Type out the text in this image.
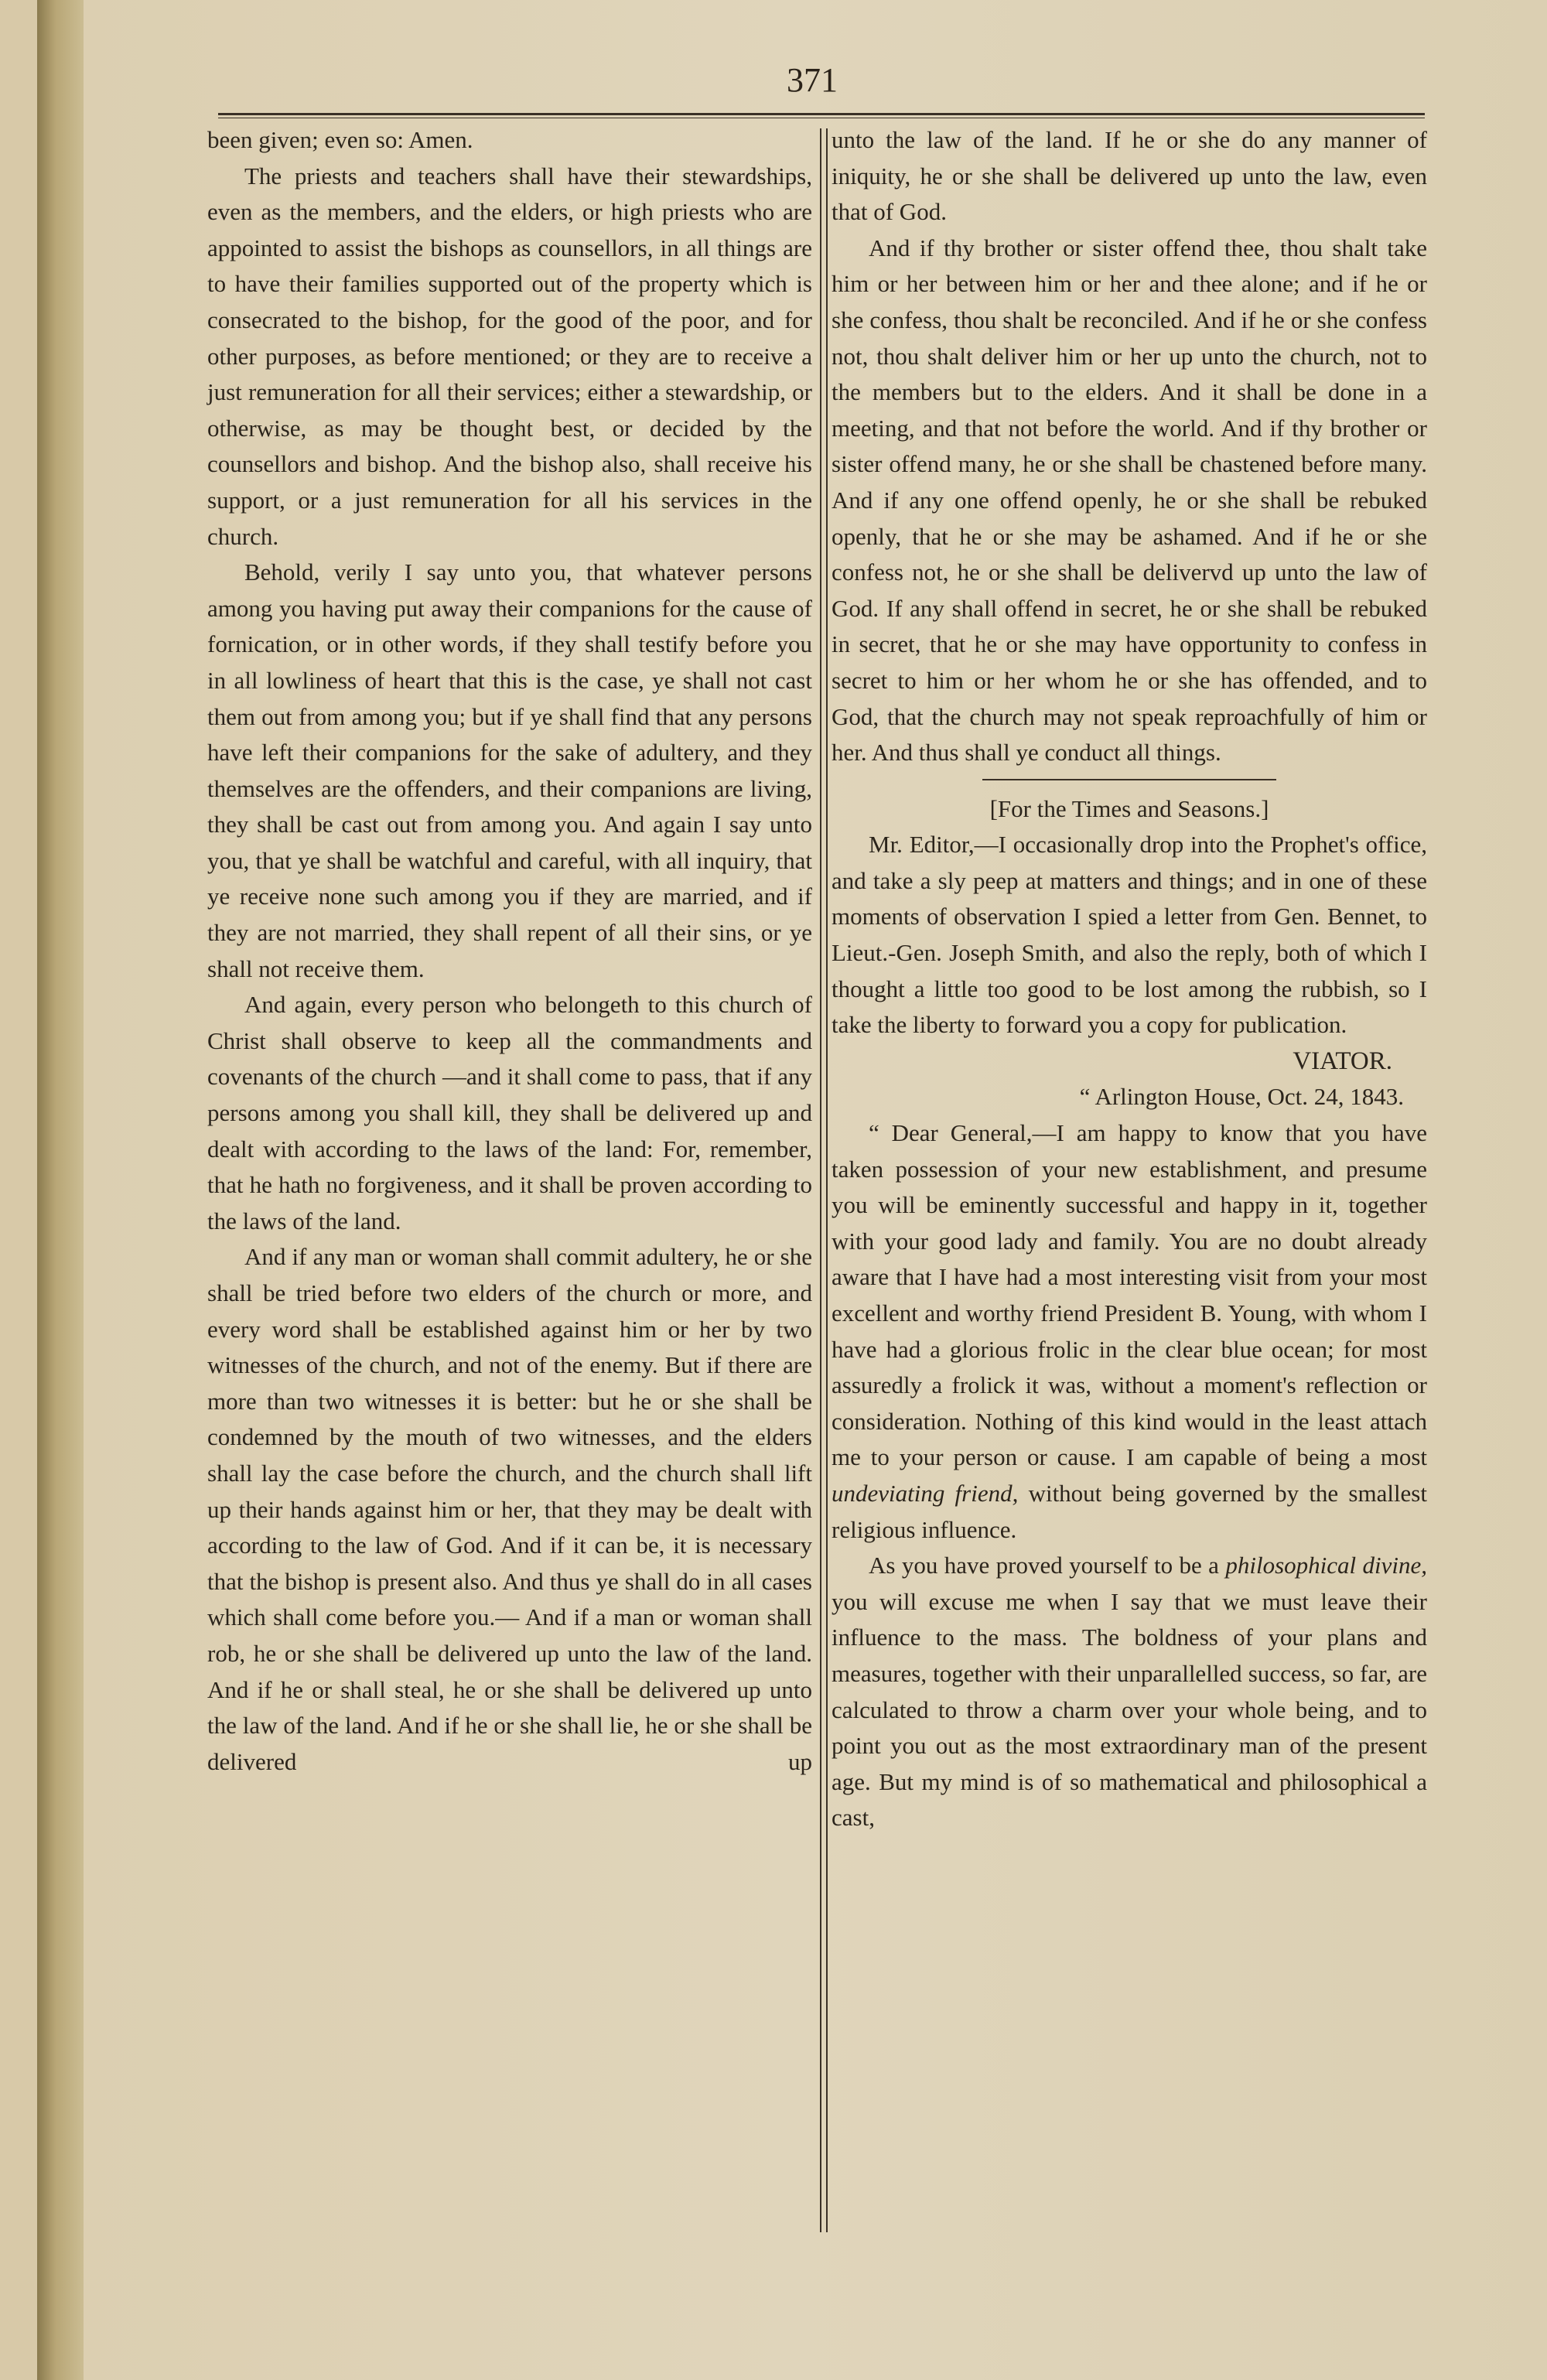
371

been given; even so: Amen.

The priests and teachers shall have their stewardships, even as the members, and the elders, or high priests who are appointed to assist the bishops as counsellors, in all things are to have their families supported out of the property which is consecrated to the bishop, for the good of the poor, and for other purposes, as before mentioned; or they are to receive a just remuneration for all their services; either a stewardship, or otherwise, as may be thought best, or decided by the counsellors and bishop. And the bishop also, shall receive his support, or a just remuneration for all his services in the church.

Behold, verily I say unto you, that whatever persons among you having put away their companions for the cause of fornication, or in other words, if they shall testify before you in all lowliness of heart that this is the case, ye shall not cast them out from among you; but if ye shall find that any persons have left their companions for the sake of adultery, and they themselves are the offenders, and their companions are living, they shall be cast out from among you. And again I say unto you, that ye shall be watchful and careful, with all inquiry, that ye receive none such among you if they are married, and if they are not married, they shall repent of all their sins, or ye shall not receive them.

And again, every person who belongeth to this church of Christ shall observe to keep all the commandments and covenants of the church —and it shall come to pass, that if any persons among you shall kill, they shall be delivered up and dealt with according to the laws of the land: For, remember, that he hath no forgiveness, and it shall be proven according to the laws of the land.

And if any man or woman shall commit adultery, he or she shall be tried before two elders of the church or more, and every word shall be established against him or her by two witnesses of the church, and not of the enemy. But if there are more than two witnesses it is better: but he or she shall be condemned by the mouth of two witnesses, and the elders shall lay the case before the church, and the church shall lift up their hands against him or her, that they may be dealt with according to the law of God. And if it can be, it is necessary that the bishop is present also. And thus ye shall do in all cases which shall come before you.— And if a man or woman shall rob, he or she shall be delivered up unto the law of the land. And if he or shall steal, he or she shall be delivered up unto the law of the land. And if he or she shall lie, he or she shall be delivered up

unto the law of the land. If he or she do any manner of iniquity, he or she shall be delivered up unto the law, even that of God.

And if thy brother or sister offend thee, thou shalt take him or her between him or her and thee alone; and if he or she confess, thou shalt be reconciled. And if he or she confess not, thou shalt deliver him or her up unto the church, not to the members but to the elders. And it shall be done in a meeting, and that not before the world. And if thy brother or sister offend many, he or she shall be chastened before many. And if any one offend openly, he or she shall be rebuked openly, that he or she may be ashamed. And if he or she confess not, he or she shall be delivervd up unto the law of God. If any shall offend in secret, he or she shall be rebuked in secret, that he or she may have opportunity to confess in secret to him or her whom he or she has offended, and to God, that the church may not speak reproachfully of him or her. And thus shall ye conduct all things.

[For the Times and Seasons.]

Mr. Editor,—I occasionally drop into the Prophet's office, and take a sly peep at matters and things; and in one of these moments of observation I spied a letter from Gen. Bennet, to Lieut.-Gen. Joseph Smith, and also the reply, both of which I thought a little too good to be lost among the rubbish, so I take the liberty to forward you a copy for publication.

VIATOR.

“ Arlington House, Oct. 24, 1843.

“ Dear General,—I am happy to know that you have taken possession of your new establishment, and presume you will be eminently successful and happy in it, together with your good lady and family. You are no doubt already aware that I have had a most interesting visit from your most excellent and worthy friend President B. Young, with whom I have had a glorious frolic in the clear blue ocean; for most assuredly a frolick it was, without a moment's reflection or consideration. Nothing of this kind would in the least attach me to your person or cause. I am capable of being a most undeviating friend, without being governed by the smallest religious influence.

As you have proved yourself to be a philosophical divine, you will excuse me when I say that we must leave their influence to the mass. The boldness of your plans and measures, together with their unparallelled success, so far, are calculated to throw a charm over your whole being, and to point you out as the most extraordinary man of the present age. But my mind is of so mathematical and philosophical a cast,
